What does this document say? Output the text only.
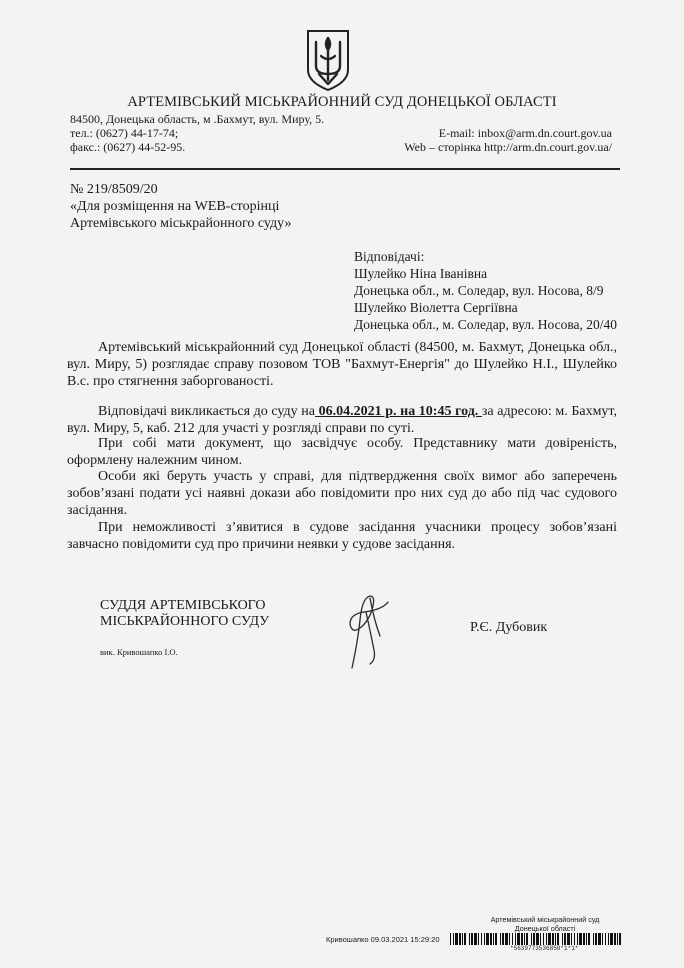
АРТЕМІВСЬКИЙ МІСЬКРАЙОННИЙ СУД ДОНЕЦЬКОЇ ОБЛАСТІ

84500, Донецька область, м .Бахмут, вул. Миру, 5.
тел.: (0627) 44-17-74;
факс.: (0627) 44-52-95.
E-mail: inbox@arm.dn.court.gov.ua
Web – сторінка http://arm.dn.court.gov.ua/
№ 219/8509/20
«Для розміщення на WEB-сторінці
Артемівського міськрайонного суду»
Відповідачі:
Шулейко Ніна Іванівна
Донецька обл., м. Соледар, вул. Носова, 8/9
Шулейко Віолетта Сергіївна
Донецька обл., м. Соледар, вул. Носова, 20/40

Артемівський міськрайонний суд Донецької області (84500, м. Бахмут, Донецька обл., вул. Миру, 5) розглядає справу позовом ТОВ "Бахмут-Енергія" до Шулейко Н.І., Шулейко В.с. про стягнення заборгованості.

Відповідачі викликається до суду на 06.04.2021 р. на 10:45 год. за адресою: м. Бахмут, вул. Миру, 5, каб. 212 для участі у розгляді справи по суті.

При собі мати документ, що засвідчує особу. Представнику мати довіреність, оформлену належним чином.

Особи які беруть участь у справі, для підтвердження своїх вимог або заперечень зобов’язані подати усі наявні докази або повідомити про них суд до або під час судового засідання.

При неможливості з’явитися в судове засідання учасники процесу зобов’язані завчасно повідомити суд про причини неявки у судове засідання.

СУДДЯ АРТЕМІВСЬКОГО
МІСЬКРАЙОННОГО СУДУ
вик. Кривошапко І.О.
Р.Є. Дубовик
Артемівський міськрайонний суд
Донецької області
Кривошапко 09.03.2021 15:29:20
*5639773536858*1*1*
